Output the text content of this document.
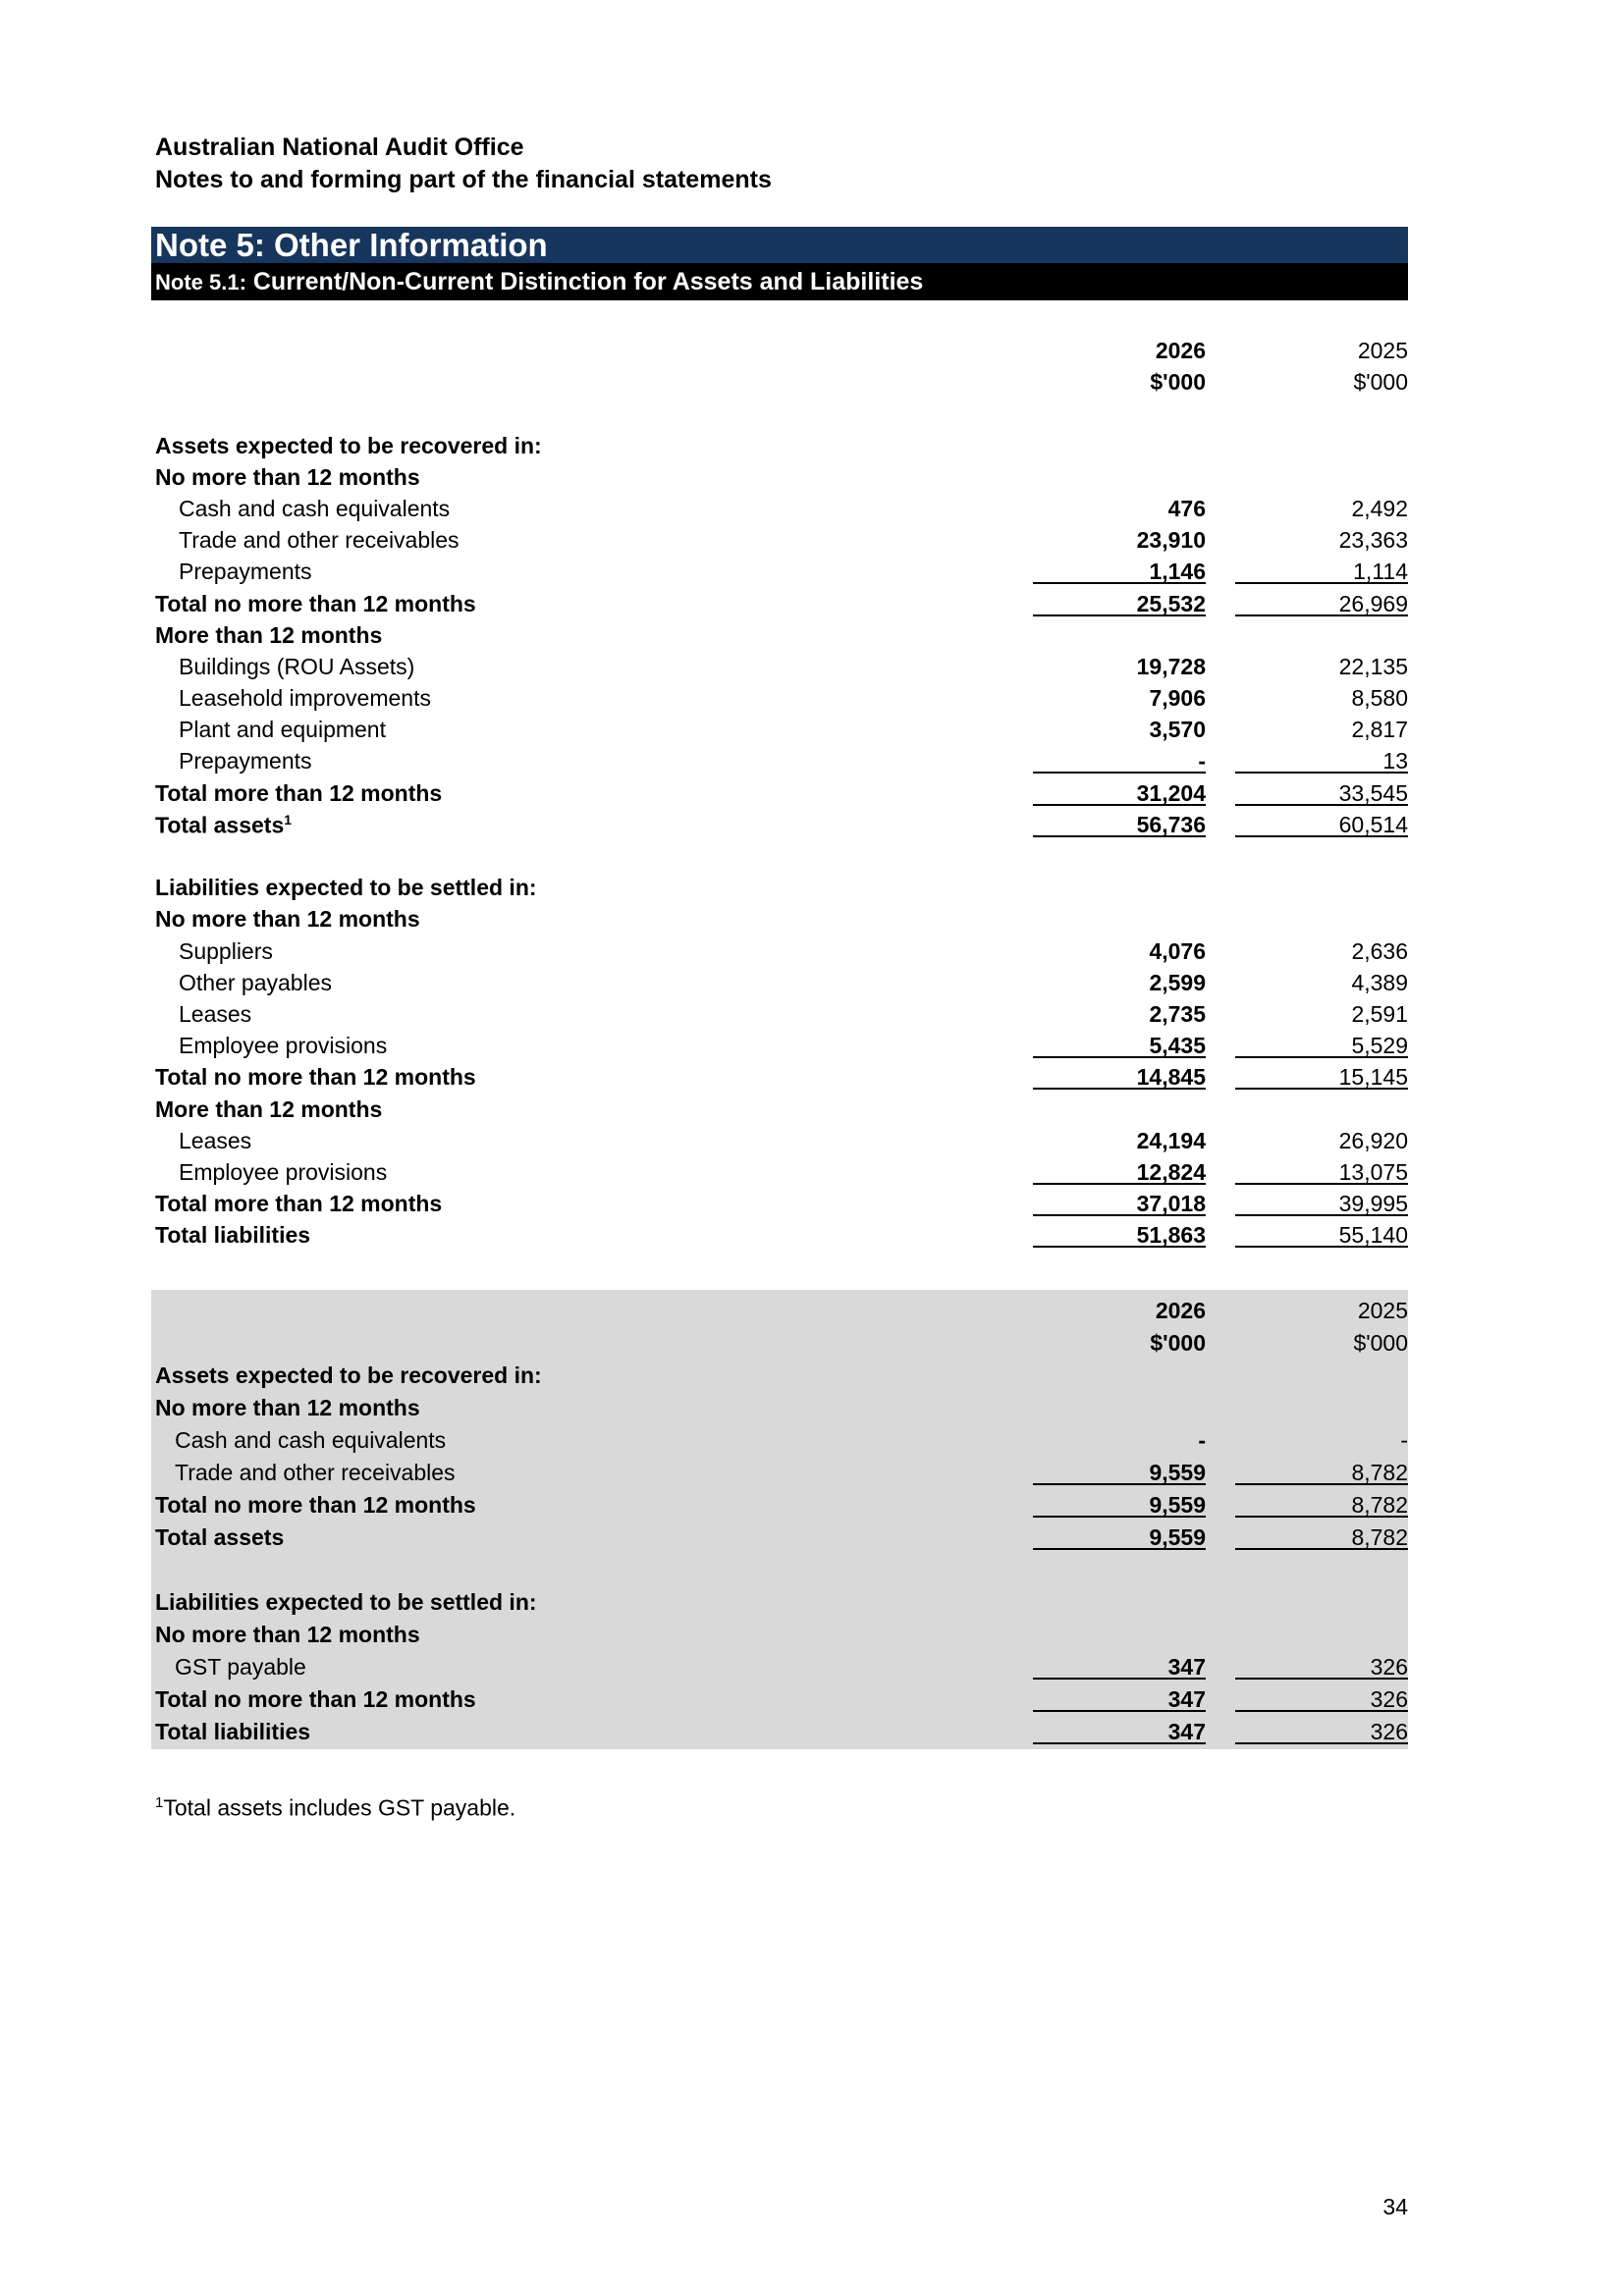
Australian National Audit Office
Notes to and forming part of the financial statements
Note 5: Other Information
Note 5.1: Current/Non-Current Distinction for Assets and Liabilities
2026	2025
$'000	$'000
Assets expected to be recovered in:
No more than 12 months
Cash and cash equivalents	476	2,492
Trade and other receivables	23,910	23,363
Prepayments	1,146	1,114
Total no more than 12 months	25,532	26,969
More than 12 months
Buildings (ROU Assets)	19,728	22,135
Leasehold improvements	7,906	8,580
Plant and equipment	3,570	2,817
Prepayments	-	13
Total more than 12 months	31,204	33,545
Total assets$^1$	56,736	60,514
Liabilities expected to be settled in:
No more than 12 months
Suppliers	4,076	2,636
Other payables	2,599	4,389
Leases	2,735	2,591
Employee provisions	5,435	5,529
Total no more than 12 months	14,845	15,145
More than 12 months
Leases	24,194	26,920
Employee provisions	12,824	13,075
Total more than 12 months	37,018	39,995
Total liabilities	51,863	55,140
2026	2025
$'000	$'000
Assets expected to be recovered in:
No more than 12 months
Cash and cash equivalents	-	-
Trade and other receivables	9,559	8,782
Total no more than 12 months	9,559	8,782
Total assets	9,559	8,782
Liabilities expected to be settled in:
No more than 12 months
GST payable	347	326
Total no more than 12 months	347	326
Total liabilities	347	326
$^1$Total assets includes GST payable.
34
